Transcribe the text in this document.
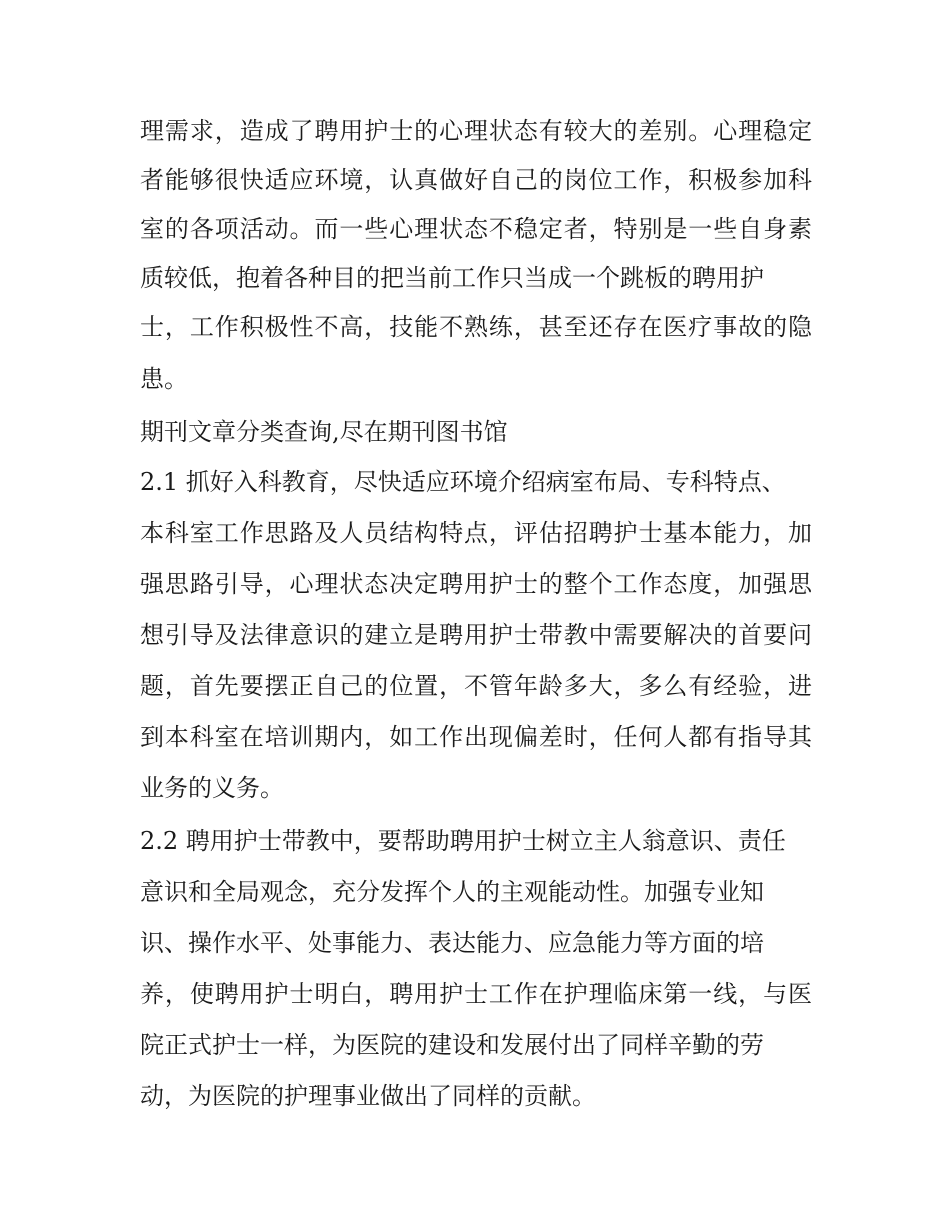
理需求，造成了聘用护士的心理状态有较大的差别。心理稳定

者能够很快适应环境，认真做好自己的岗位工作，积极参加科

室的各项活动。而一些心理状态不稳定者，特别是一些自身素

质较低，抱着各种目的把当前工作只当成一个跳板的聘用护

士，工作积极性不高，技能不熟练，甚至还存在医疗事故的隐

患。

期刊文章分类查询,尽在期刊图书馆

2.1 抓好入科教育，尽快适应环境介绍病室布局、专科特点、

本科室工作思路及人员结构特点，评估招聘护士基本能力，加

强思路引导，心理状态决定聘用护士的整个工作态度，加强思

想引导及法律意识的建立是聘用护士带教中需要解决的首要问

题，首先要摆正自己的位置，不管年龄多大，多么有经验，进

到本科室在培训期内，如工作出现偏差时，任何人都有指导其

业务的义务。

2.2 聘用护士带教中，要帮助聘用护士树立主人翁意识、责任

意识和全局观念，充分发挥个人的主观能动性。加强专业知

识、操作水平、处事能力、表达能力、应急能力等方面的培

养，使聘用护士明白，聘用护士工作在护理临床第一线，与医

院正式护士一样，为医院的建设和发展付出了同样辛勤的劳

动，为医院的护理事业做出了同样的贡献。
